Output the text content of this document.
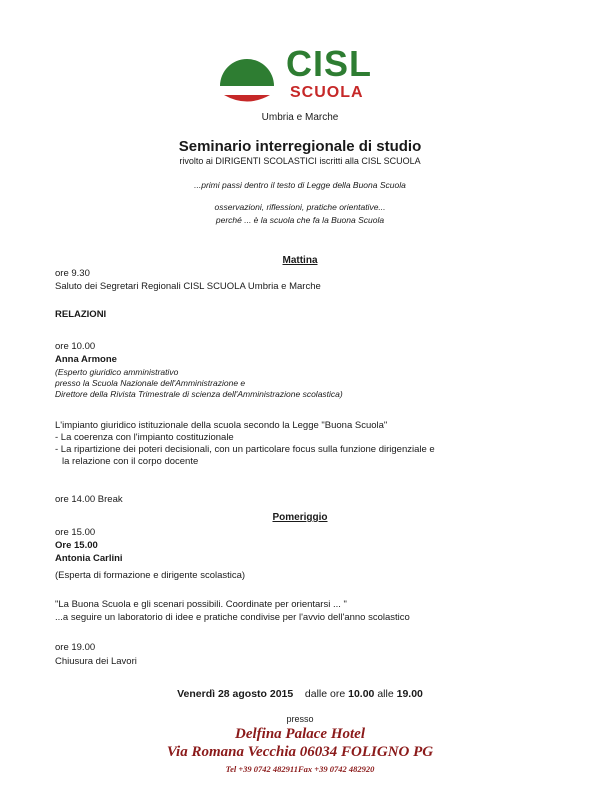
CISL
SCUOLA
Umbria e Marche
Seminario interregionale di studio
rivolto ai DIRIGENTI SCOLASTICI iscritti alla CISL SCUOLA
...primi passi dentro il testo di Legge della Buona Scuola
osservazioni, riflessioni, pratiche orientative...
perché ... è la scuola che fa la Buona Scuola
Mattina
ore 9.30
Saluto dei Segretari Regionali CISL SCUOLA Umbria e Marche
RELAZIONI
ore 10.00
Anna Armone
(Esperto giuridico amministrativo
presso la Scuola Nazionale dell'Amministrazione e
Direttore della Rivista Trimestrale di scienza dell'Amministrazione scolastica)
L'impianto giuridico istituzionale della scuola secondo la Legge "Buona Scuola"
- La coerenza con l'impianto costituzionale
- La ripartizione dei poteri decisionali, con un particolare focus sulla funzione dirigenziale e
la relazione con il corpo docente
ore 14.00 Break
Pomeriggio
ore 15.00
Ore 15.00
Antonia Carlini
(Esperta di formazione e dirigente scolastica)
"La Buona Scuola e gli scenari possibili. Coordinate per orientarsi ... "
...a seguire un laboratorio di idee e pratiche condivise per l'avvio dell'anno scolastico
ore 19.00
Chiusura dei Lavori
Venerdì 28 agosto 2015 dalle ore 10.00 alle 19.00
presso
Delfina Palace Hotel
Via Romana Vecchia 06034 FOLIGNO PG
Tel +39 0742 482911Fax +39 0742 482920
